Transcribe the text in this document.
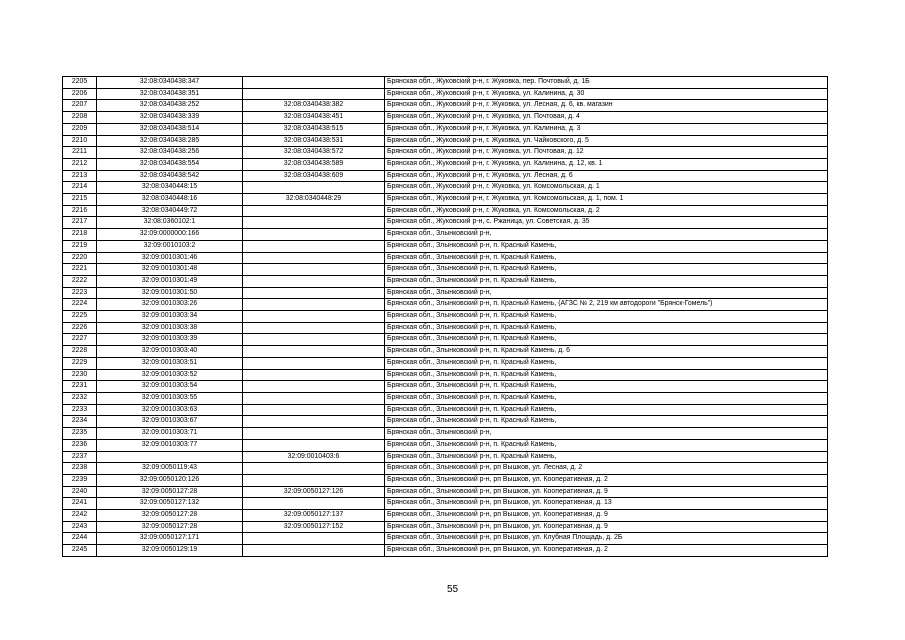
2205	32:08:0340438:347		Брянская обл., Жуковский р-н, г. Жуковка, пер. Почтовый, д. 1Б
2206	32:08:0340438:351		Брянская обл., Жуковский р-н, г. Жуковка, ул. Калинина, д. 30
2207	32:08:0340438:252	32:08:0340438:382	Брянская обл., Жуковский р-н, г. Жуковка, ул. Лесная, д. 6, кв. магазин
2208	32:08:0340438:339	32:08:0340438:451	Брянская обл., Жуковский р-н, г. Жуковка, ул. Почтовая, д. 4
2209	32:08:0340438:514	32:08:0340438:515	Брянская обл., Жуковский р-н, г. Жуковка, ул. Калинина, д. 3
2210	32:08:0340438:285	32:08:0340438:531	Брянская обл., Жуковский р-н, г. Жуковка, ул. Чайковского, д. 5
2211	32:08:0340438:256	32:08:0340438:572	Брянская обл., Жуковский р-н, г. Жуковка, ул. Почтовая, д. 12
2212	32:08:0340438:554	32:08:0340438:589	Брянская обл., Жуковский р-н, г. Жуковка, ул. Калинина, д. 12, кв. 1
2213	32:08:0340438:542	32:08:0340438:609	Брянская обл., Жуковский р-н, г. Жуковка, ул. Лесная, д. 6
2214	32:08:0340448:15		Брянская обл., Жуковский р-н, г. Жуковка, ул. Комсомольская, д. 1
2215	32:08:0340448:16	32:08:0340448:29	Брянская обл., Жуковский р-н, г. Жуковка, ул. Комсомольская, д. 1, пом. 1
2216	32:08:0340449:72		Брянская обл., Жуковский р-н, г. Жуковка, ул. Комсомольская, д. 2
2217	32:08:0360102:1		Брянская обл., Жуковский р-н, с. Ржаница, ул. Советская, д. 35
2218	32:09:0000000:166		Брянская обл., Злынковский р-н,
2219	32:09:0010103:2		Брянская обл., Злынковский р-н, п. Красный Камень,
2220	32:09:0010301:46		Брянская обл., Злынковский р-н, п. Красный Камень,
2221	32:09:0010301:48		Брянская обл., Злынковский р-н, п. Красный Камень,
2222	32:09:0010301:49		Брянская обл., Злынковский р-н, п. Красный Камень,
2223	32:09:0010301:50		Брянская обл., Злынковский р-н,
2224	32:09:0010303:26		Брянская обл., Злынковский р-н, п. Красный Камень, (АГЗС № 2, 219 км автодороги "Брянск-Гомель")
2225	32:09:0010303:34		Брянская обл., Злынковский р-н, п. Красный Камень,
2226	32:09:0010303:38		Брянская обл., Злынковский р-н, п. Красный Камень,
2227	32:09:0010303:39		Брянская обл., Злынковский р-н, п. Красный Камень,
2228	32:09:0010303:40		Брянская обл., Злынковский р-н, п. Красный Камень, д. 6
2229	32:09:0010303:51		Брянская обл., Злынковский р-н, п. Красный Камень,
2230	32:09:0010303:52		Брянская обл., Злынковский р-н, п. Красный Камень,
2231	32:09:0010303:54		Брянская обл., Злынковский р-н, п. Красный Камень,
2232	32:09:0010303:55		Брянская обл., Злынковский р-н, п. Красный Камень,
2233	32:09:0010303:63		Брянская обл., Злынковский р-н, п. Красный Камень,
2234	32:09:0010303:67		Брянская обл., Злынковский р-н, п. Красный Камень,
2235	32:09:0010303:71		Брянская обл., Злынковский р-н,
2236	32:09:0010303:77		Брянская обл., Злынковский р-н, п. Красный Камень,
2237		32:09:0010403:6	Брянская обл., Злынковский р-н, п. Красный Камень,
2238	32:09:0050119:43		Брянская обл., Злынковский р-н, рп Вышков, ул. Лесная, д. 2
2239	32:09:0050120:126		Брянская обл., Злынковский р-н, рп Вышков, ул. Кооперативная, д. 2
2240	32:09:0050127:28	32:09:0050127:126	Брянская обл., Злынковский р-н, рп Вышков, ул. Кооперативная, д. 9
2241	32:09:0050127:132		Брянская обл., Злынковский р-н, рп Вышков, ул. Кооперативная, д. 13
2242	32:09:0050127:28	32:09:0050127:137	Брянская обл., Злынковский р-н, рп Вышков, ул. Кооперативная, д. 9
2243	32:09:0050127:28	32:09:0050127:152	Брянская обл., Злынковский р-н, рп Вышков, ул. Кооперативная, д. 9
2244	32:09:0050127:171		Брянская обл., Злынковский р-н, рп Вышков, ул. Клубная Площадь, д. 2Б
2245	32:09:0050129:19		Брянская обл., Злынковский р-н, рп Вышков, ул. Кооперативная, д. 2
55
